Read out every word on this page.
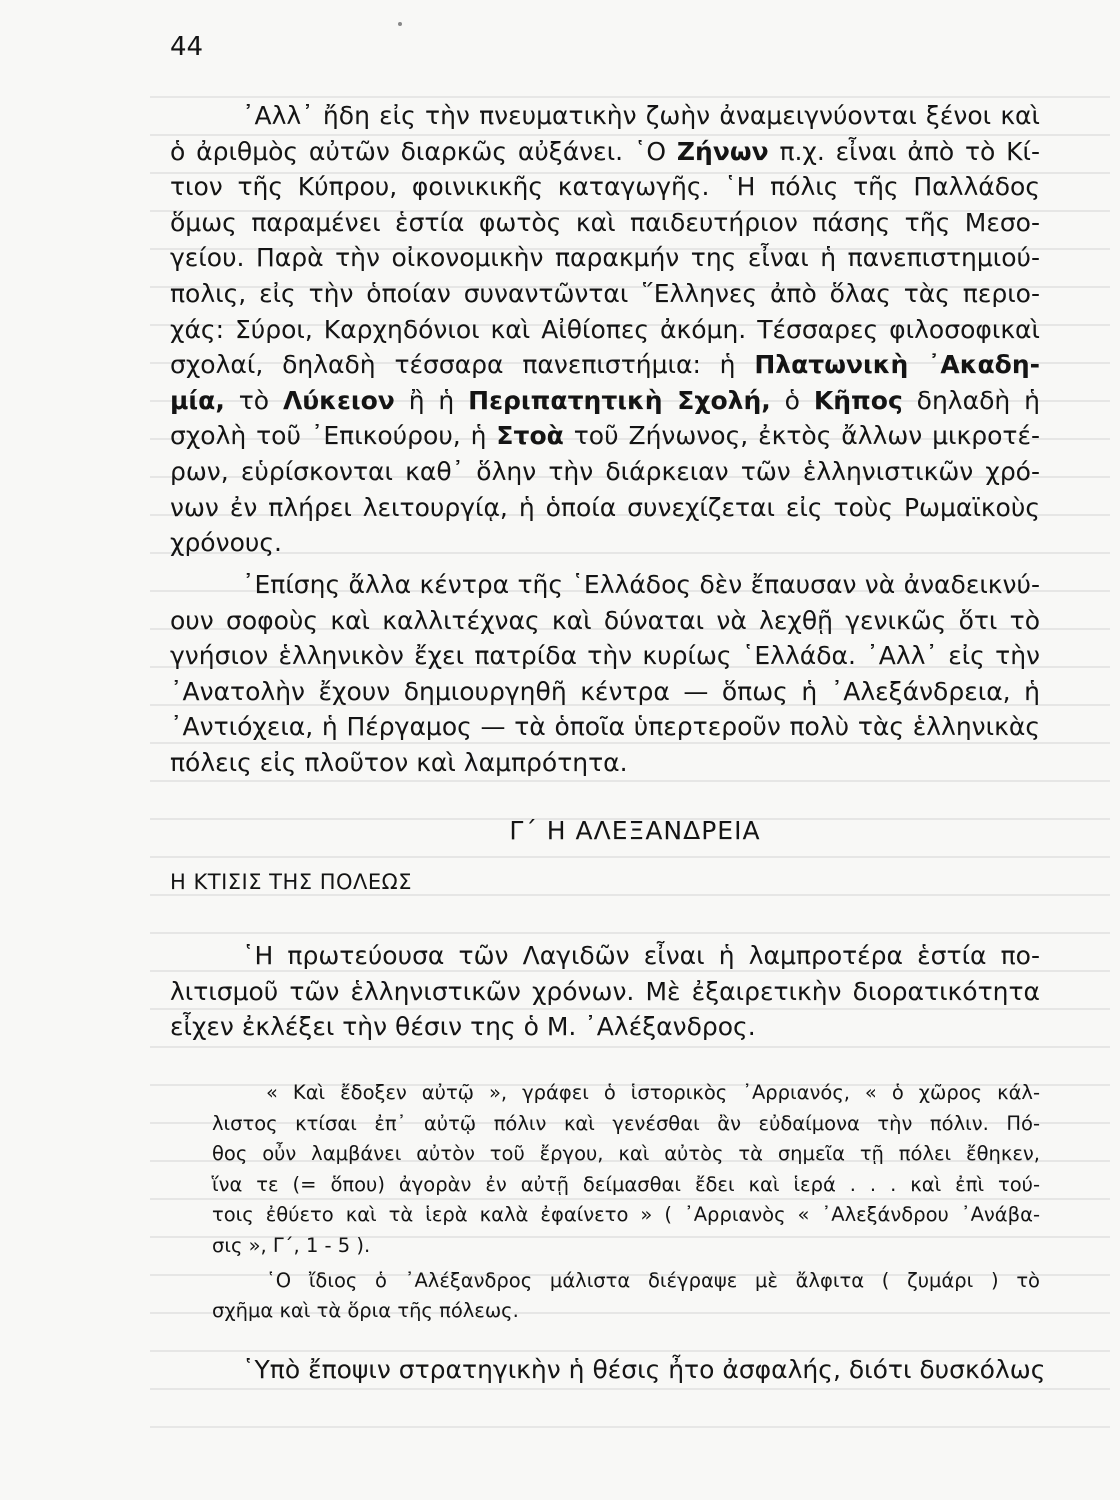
44
᾿Αλλ᾿ ἤδη εἰς τὴν πνευματικὴν ζωὴν ἀναμειγνύονται ξένοι καὶ
ὁ ἀριθμὸς αὐτῶν διαρκῶς αὐξάνει. ῾Ο Ζήνων π.χ. εἶναι ἀπὸ τὸ Κί-
τιον τῆς Κύπρου, φοινικικῆς καταγωγῆς. ῾Η πόλις τῆς Παλλάδος
ὅμως παραμένει ἑστία φωτὸς καὶ παιδευτήριον πάσης τῆς Μεσο-
γείου. Παρὰ τὴν οἰκονομικὴν παρακμήν της εἶναι ἡ πανεπιστημιού-
πολις, εἰς τὴν ὁποίαν συναντῶνται ῞Ελληνες ἀπὸ ὅλας τὰς περιο-
χάς: Σύροι, Καρχηδόνιοι καὶ Αἰθίοπες ἀκόμη. Τέσσαρες φιλοσοφικαὶ
σχολαί, δηλαδὴ τέσσαρα πανεπιστήμια: ἡ Πλατωνικὴ ᾿Ακαδη-
μία, τὸ Λύκειον ἢ ἡ Περιπατητικὴ Σχολή, ὁ Κῆπος δηλαδὴ ἡ
σχολὴ τοῦ ᾿Επικούρου, ἡ Στοὰ τοῦ Ζήνωνος, ἐκτὸς ἄλλων μικροτέ-
ρων, εὑρίσκονται καθ᾿ ὅλην τὴν διάρκειαν τῶν ἑλληνιστικῶν χρό-
νων ἐν πλήρει λειτουργίᾳ, ἡ ὁποία συνεχίζεται εἰς τοὺς Ρωμαϊκοὺς
χρόνους.
᾿Επίσης ἄλλα κέντρα τῆς ῾Ελλάδος δὲν ἔπαυσαν νὰ ἀναδεικνύ-
ουν σοφοὺς καὶ καλλιτέχνας καὶ δύναται νὰ λεχθῇ γενικῶς ὅτι τὸ
γνήσιον ἑλληνικὸν ἔχει πατρίδα τὴν κυρίως ῾Ελλάδα. ᾿Αλλ᾿ εἰς τὴν
᾿Ανατολὴν ἔχουν δημιουργηθῆ κέντρα — ὅπως ἡ ᾿Αλεξάνδρεια, ἡ
᾿Αντιόχεια, ἡ Πέργαμος — τὰ ὁποῖα ὑπερτεροῦν πολὺ τὰς ἑλληνικὰς
πόλεις εἰς πλοῦτον καὶ λαμπρότητα.
Γ΄ Η ΑΛΕΞΑΝΔΡΕΙΑ
Η ΚΤΙΣΙΣ ΤΗΣ ΠΟΛΕΩΣ
῾Η πρωτεύουσα τῶν Λαγιδῶν εἶναι ἡ λαμπροτέρα ἑστία πο-
λιτισμοῦ τῶν ἑλληνιστικῶν χρόνων. Μὲ ἐξαιρετικὴν διορατικότητα
εἶχεν ἐκλέξει τὴν θέσιν της ὁ Μ. ᾿Αλέξανδρος.
« Καὶ ἔδοξεν αὐτῷ », γράφει ὁ ἱστορικὸς ᾿Αρριανός, « ὁ χῶρος κάλ-
λιστος κτίσαι ἐπ᾿ αὐτῷ πόλιν καὶ γενέσθαι ἂν εὐδαίμονα τὴν πόλιν. Πό-
θος οὖν λαμβάνει αὐτὸν τοῦ ἔργου, καὶ αὐτὸς τὰ σημεῖα τῇ πόλει ἔθηκεν,
ἵνα τε (= ὅπου) ἀγορὰν ἐν αὐτῇ δείμασθαι ἔδει καὶ ἱερά . . . καὶ ἐπὶ τού-
τοις ἐθύετο καὶ τὰ ἱερὰ καλὰ ἐφαίνετο » ( ᾿Αρριανὸς « ᾿Αλεξάνδρου ᾿Ανάβα-
σις », Γ΄, 1 - 5 ).
῾Ο ἴδιος ὁ ᾿Αλέξανδρος μάλιστα διέγραψε μὲ ἄλφιτα ( ζυμάρι ) τὸ
σχῆμα καὶ τὰ ὅρια τῆς πόλεως.
῾Υπὸ ἔποψιν στρατηγικὴν ἡ θέσις ἦτο ἀσφαλής, διότι δυσκόλως
